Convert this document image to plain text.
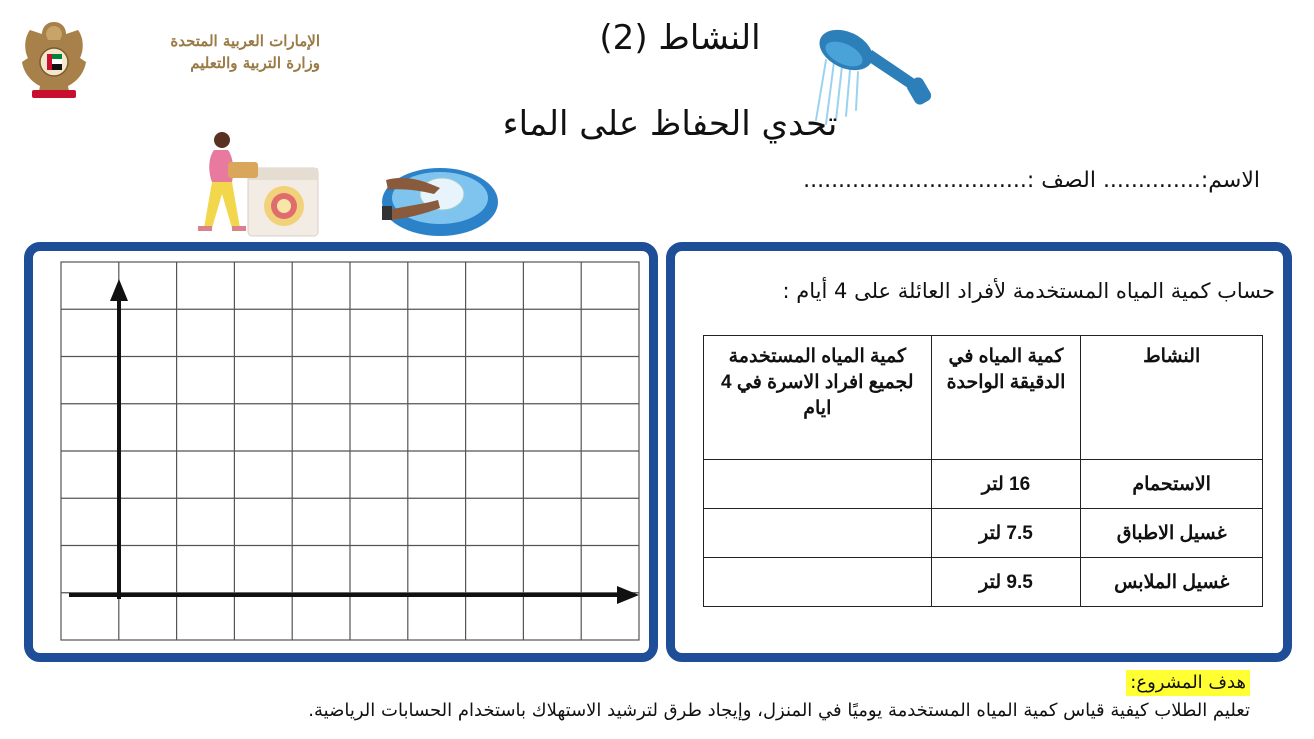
الإمارات العربية المتحدة
وزارة التربية والتعليم
النشاط (2)
تحدي الحفاظ على الماء
الاسم:.............. الصف :................................
حساب كمية المياه المستخدمة لأفراد العائلة على 4 أيام :
النشاط	كمية المياه في الدقيقة الواحدة	كمية المياه المستخدمة لجميع افراد الاسرة في 4 ايام
الاستحمام	16 لتر	
غسيل الاطباق	7.5 لتر	
غسيل الملابس	9.5 لتر	
هدف المشروع:
تعليم الطلاب كيفية قياس كمية المياه المستخدمة يوميًا في المنزل، وإيجاد طرق لترشيد الاستهلاك باستخدام الحسابات الرياضية.
